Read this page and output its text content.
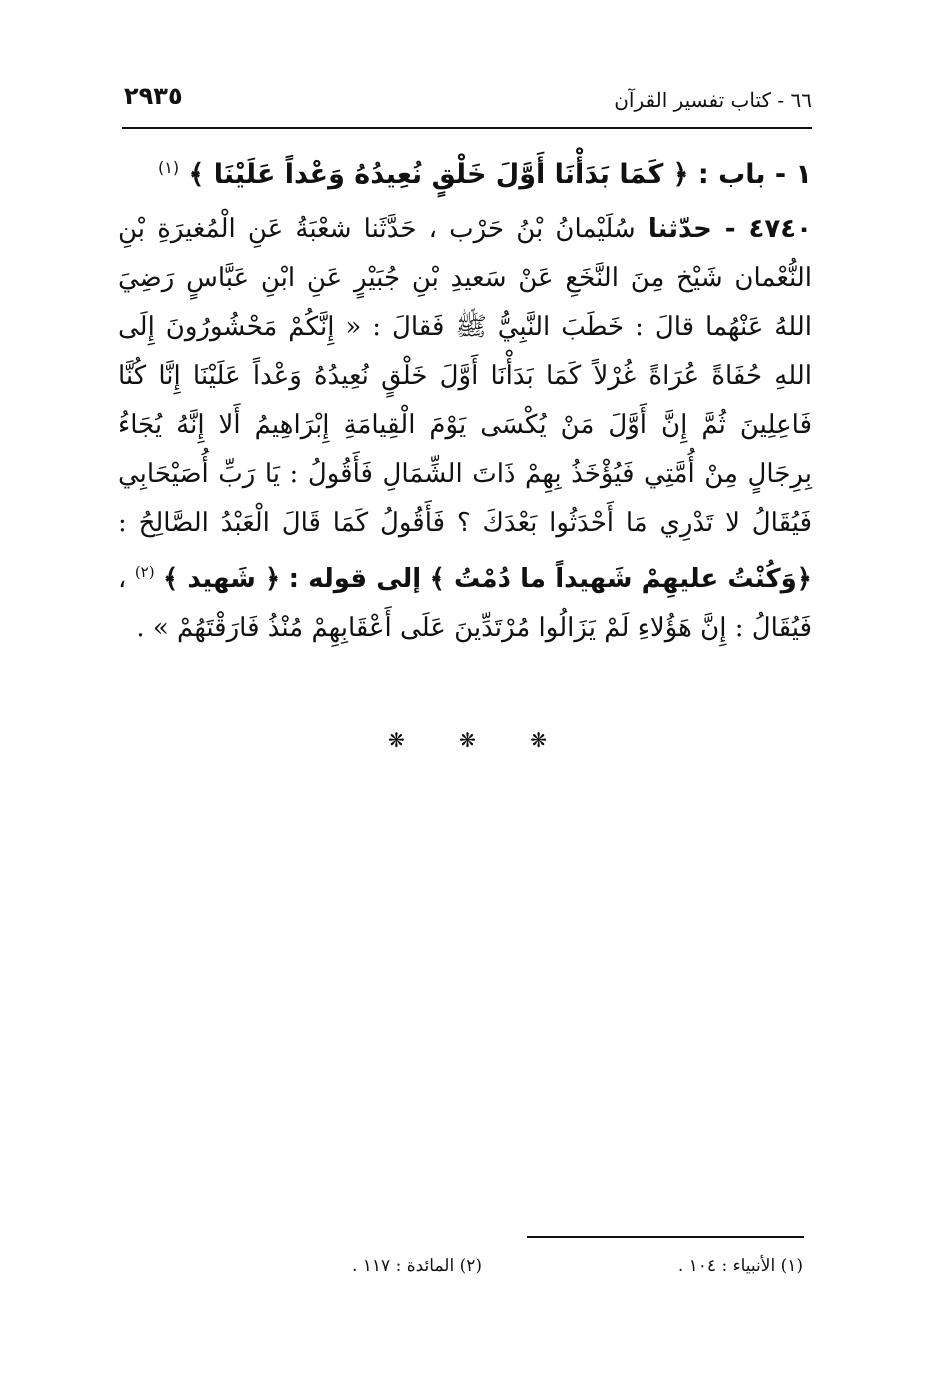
٢٩٣٥	٦٦ - كتاب تفسير القرآن
١ - باب : ﴿ كَمَا بَدَأْنَا أَوَّلَ خَلْقٍ نُعِيدُهُ وَعْداً عَلَيْنَا ﴾ $^{(١)}$
٤٧٤٠ - حدّثنا سُلَيْمانُ بْنُ حَرْب ، حَدَّثَنا شعْبَةُ عَنِ الْمُغيرَةِ بْنِ النُّعْمان شَيْخ مِنَ النَّخَعِ عَنْ سَعيدِ بْنِ جُبَيْرٍ عَنِ ابْنِ عَبَّاسٍ رَضِيَ اللهُ عَنْهُما قالَ : خَطَبَ النَّبِيُّ ﷺ فَقالَ : « إِنَّكُمْ مَحْشُورُونَ إِلَى اللهِ حُفَاةً عُرَاةً غُرْلاً كَمَا بَدَأْنَا أَوَّلَ خَلْقٍ نُعِيدُهُ وَعْداً عَلَيْنَا إِنَّا كُنَّا فَاعِلِينَ ثُمَّ إِنَّ أَوَّلَ مَنْ يُكْسَى يَوْمَ الْقِيامَةِ إِبْرَاهِيمُ أَلا إِنَّهُ يُجَاءُ بِرِجَالٍ مِنْ أُمَّتِي فَيُؤْخَذُ بِهِمْ ذَاتَ الشِّمَالِ فَأَقُولُ : يَا رَبِّ أُصَيْحَابِي فَيُقَالُ لا تَدْرِي مَا أَحْدَثُوا بَعْدَكَ ؟ فَأَقُولُ كَمَا قَالَ الْعَبْدُ الصَّالِحُ : ﴿وَكُنْتُ عليهِمْ شَهيداً ما دُمْتُ ﴾ إلى قوله : ﴿ شَهيد ﴾ $^{(٢)}$ ، فَيُقَالُ : إِنَّ هَؤُلاءِ لَمْ يَزَالُوا مُرْتَدِّينَ عَلَى أَعْقَابِهِمْ مُنْذُ فَارَقْتَهُمْ » .
❋ ❋ ❋
(١) الأنبياء : ١٠٤ .
(٢) المائدة : ١١٧ .
